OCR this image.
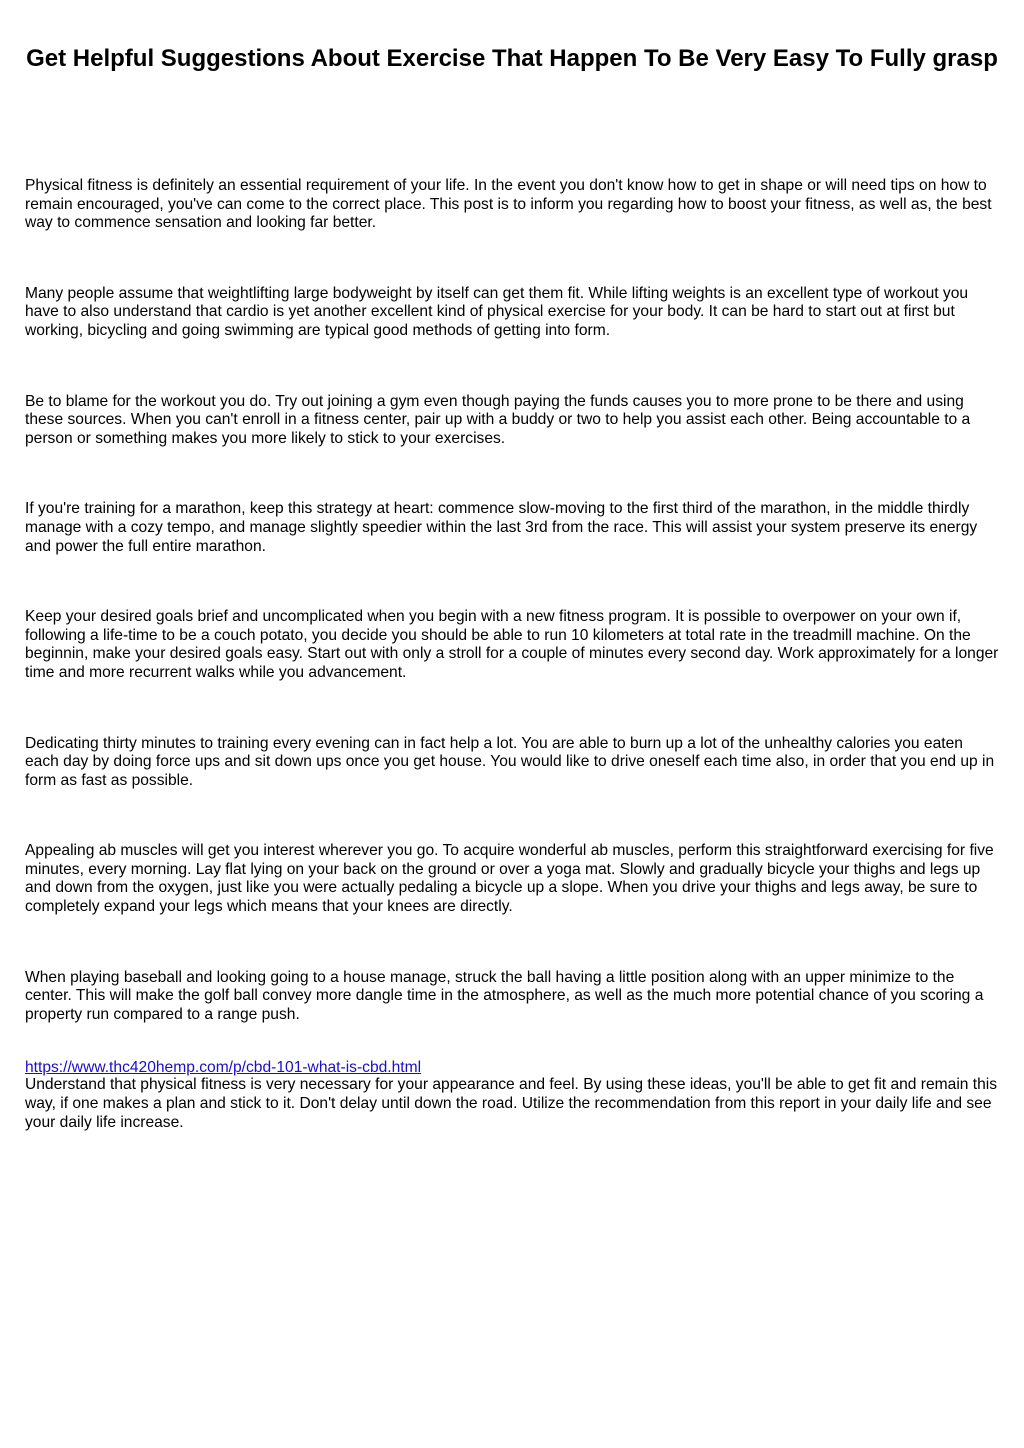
Get Helpful Suggestions About Exercise That Happen To Be Very Easy To Fully grasp

Physical fitness is definitely an essential requirement of your life. In the event you don't know how to get in shape or will need tips on how to remain encouraged, you've can come to the correct place. This post is to inform you regarding how to boost your fitness, as well as, the best way to commence sensation and looking far better.

Many people assume that weightlifting large bodyweight by itself can get them fit. While lifting weights is an excellent type of workout you have to also understand that cardio is yet another excellent kind of physical exercise for your body. It can be hard to start out at first but working, bicycling and going swimming are typical good methods of getting into form.

Be to blame for the workout you do. Try out joining a gym even though paying the funds causes you to more prone to be there and using these sources. When you can't enroll in a fitness center, pair up with a buddy or two to help you assist each other. Being accountable to a person or something makes you more likely to stick to your exercises.

If you're training for a marathon, keep this strategy at heart: commence slow-moving to the first third of the marathon, in the middle thirdly manage with a cozy tempo, and manage slightly speedier within the last 3rd from the race. This will assist your system preserve its energy and power the full entire marathon.

Keep your desired goals brief and uncomplicated when you begin with a new fitness program. It is possible to overpower on your own if, following a life-time to be a couch potato, you decide you should be able to run 10 kilometers at total rate in the treadmill machine. On the beginnin, make your desired goals easy. Start out with only a stroll for a couple of minutes every second day. Work approximately for a longer time and more recurrent walks while you advancement.

Dedicating thirty minutes to training every evening can in fact help a lot. You are able to burn up a lot of the unhealthy calories you eaten each day by doing force ups and sit down ups once you get house. You would like to drive oneself each time also, in order that you end up in form as fast as possible.

Appealing ab muscles will get you interest wherever you go. To acquire wonderful ab muscles, perform this straightforward exercising for five minutes, every morning. Lay flat lying on your back on the ground or over a yoga mat. Slowly and gradually bicycle your thighs and legs up and down from the oxygen, just like you were actually pedaling a bicycle up a slope. When you drive your thighs and legs away, be sure to completely expand your legs which means that your knees are directly.

When playing baseball and looking going to a house manage, struck the ball having a little position along with an upper minimize to the center. This will make the golf ball convey more dangle time in the atmosphere, as well as the much more potential chance of you scoring a property run compared to a range push.

Understand that physical fitness is very necessary for your appearance and feel. By using these ideas, you'll be able to get fit and remain this way, if one makes a plan and stick to it. Don't delay until down the road. Utilize the recommendation from this report in your daily life and see your daily life increase.

https://www.thc420hemp.com/p/cbd-101-what-is-cbd.html
